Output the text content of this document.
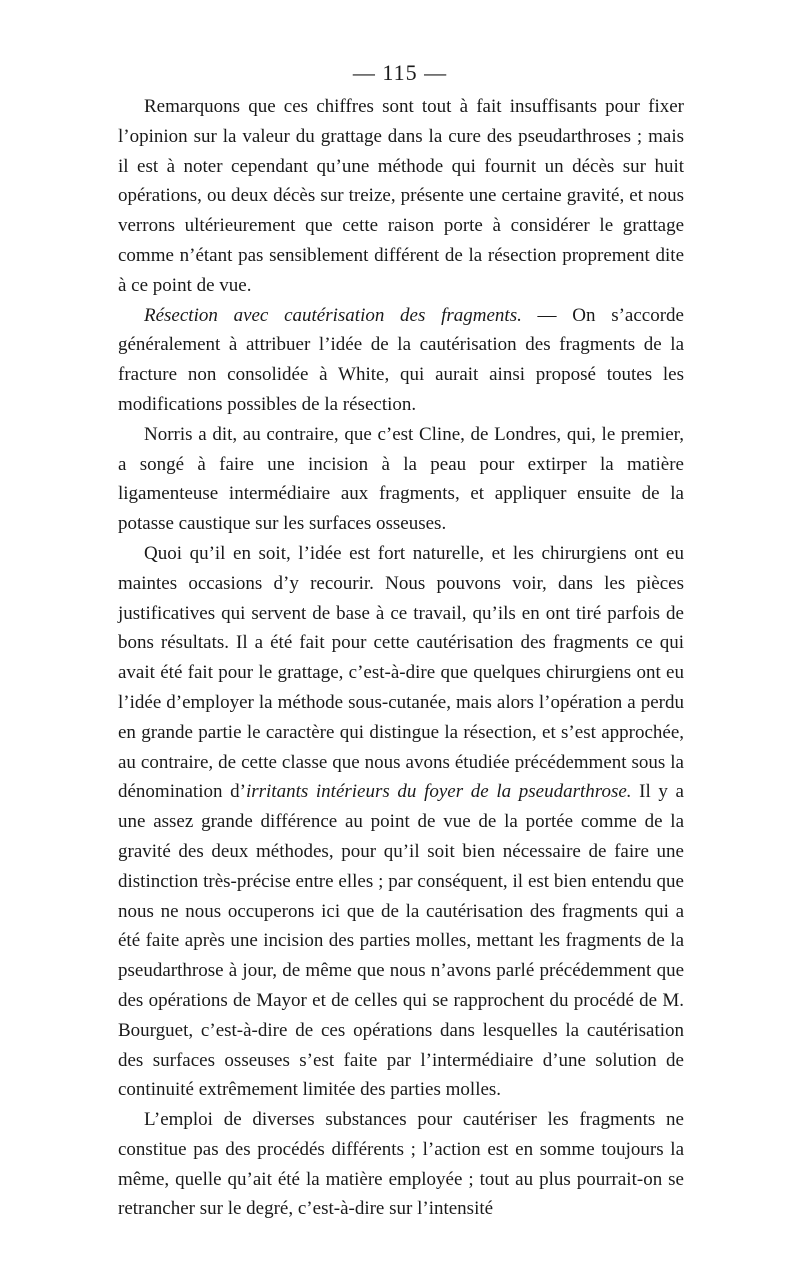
— 115 —

Remarquons que ces chiffres sont tout à fait insuffisants pour fixer l’opinion sur la valeur du grattage dans la cure des pseudarthroses ; mais il est à noter cependant qu’une méthode qui fournit un décès sur huit opérations, ou deux décès sur treize, présente une certaine gravité, et nous verrons ultérieurement que cette raison porte à considérer le grattage comme n’étant pas sensiblement différent de la résection proprement dite à ce point de vue.

Résection avec cautérisation des fragments. — On s’accorde généralement à attribuer l’idée de la cautérisation des fragments de la fracture non consolidée à White, qui aurait ainsi proposé toutes les modifications possibles de la résection.

Norris a dit, au contraire, que c’est Cline, de Londres, qui, le premier, a songé à faire une incision à la peau pour extirper la matière ligamenteuse intermédiaire aux fragments, et appliquer ensuite de la potasse caustique sur les surfaces osseuses.

Quoi qu’il en soit, l’idée est fort naturelle, et les chirurgiens ont eu maintes occasions d’y recourir. Nous pouvons voir, dans les pièces justificatives qui servent de base à ce travail, qu’ils en ont tiré parfois de bons résultats. Il a été fait pour cette cautérisation des fragments ce qui avait été fait pour le grattage, c’est-à-dire que quelques chirurgiens ont eu l’idée d’employer la méthode sous-cutanée, mais alors l’opération a perdu en grande partie le caractère qui distingue la résection, et s’est approchée, au contraire, de cette classe que nous avons étudiée précédemment sous la dénomination d’irritants intérieurs du foyer de la pseudarthrose. Il y a une assez grande différence au point de vue de la portée comme de la gravité des deux méthodes, pour qu’il soit bien nécessaire de faire une distinction très-précise entre elles ; par conséquent, il est bien entendu que nous ne nous occuperons ici que de la cautérisation des fragments qui a été faite après une incision des parties molles, mettant les fragments de la pseudarthrose à jour, de même que nous n’avons parlé précédemment que des opérations de Mayor et de celles qui se rapprochent du procédé de M. Bourguet, c’est-à-dire de ces opérations dans lesquelles la cautérisation des surfaces osseuses s’est faite par l’intermédiaire d’une solution de continuité extrêmement limitée des parties molles.

L’emploi de diverses substances pour cautériser les fragments ne constitue pas des procédés différents ; l’action est en somme toujours la même, quelle qu’ait été la matière employée ; tout au plus pourrait-on se retrancher sur le degré, c’est-à-dire sur l’intensité
